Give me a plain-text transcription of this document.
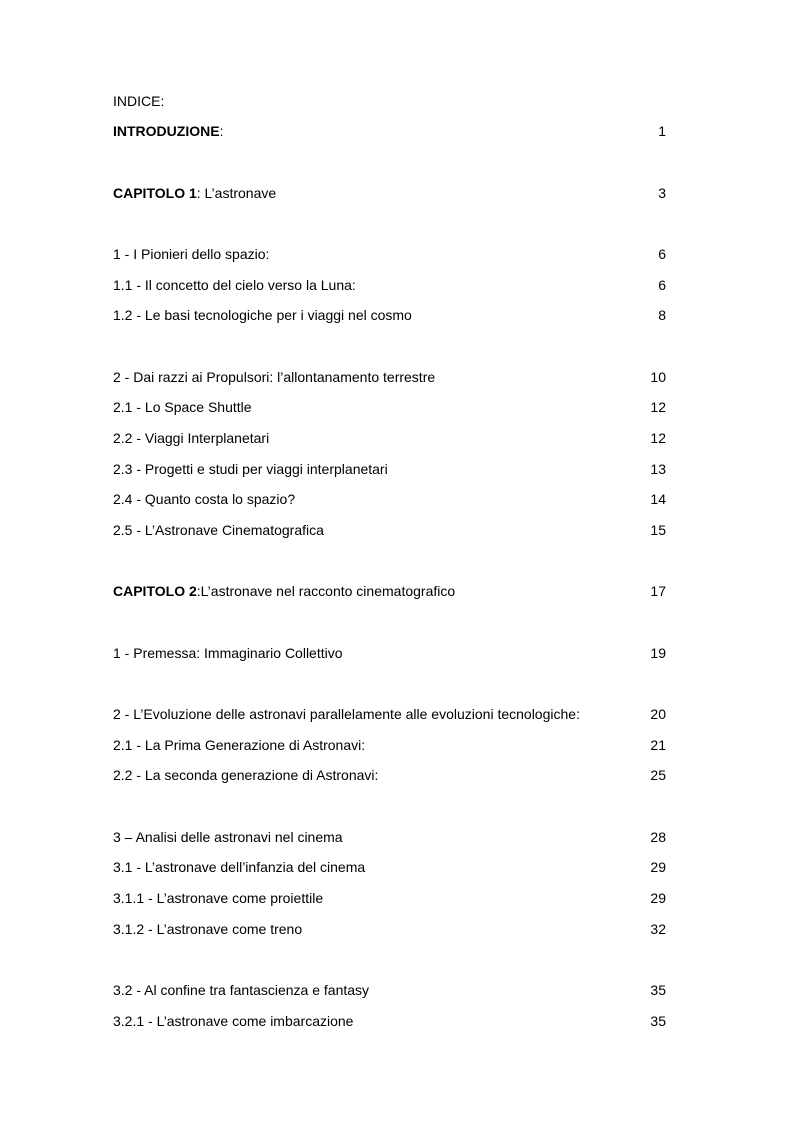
INDICE:
INTRODUZIONE:	1
CAPITOLO 1: L’astronave	3
1 - I Pionieri dello spazio:	6
1.1 - Il concetto del cielo verso la Luna:	6
1.2 - Le basi tecnologiche per i viaggi nel cosmo	8
2 - Dai razzi ai Propulsori: l’allontanamento terrestre	10
2.1 - Lo Space Shuttle	12
2.2 - Viaggi Interplanetari	12
2.3 - Progetti e studi per viaggi interplanetari	13
2.4 - Quanto costa lo spazio?	14
2.5 - L’Astronave Cinematografica	15
CAPITOLO 2:L’astronave nel racconto cinematografico	17
1 - Premessa: Immaginario Collettivo	19
2 - L’Evoluzione delle astronavi parallelamente alle evoluzioni tecnologiche:	20
2.1 - La Prima Generazione di Astronavi:	21
2.2 - La seconda generazione di Astronavi:	25
3 – Analisi delle astronavi nel cinema	28
3.1 - L’astronave dell’infanzia del cinema	29
3.1.1 - L’astronave come proiettile	29
3.1.2 - L’astronave come treno	32
3.2 - Al confine tra fantascienza e fantasy	35
3.2.1 - L’astronave come imbarcazione	35
